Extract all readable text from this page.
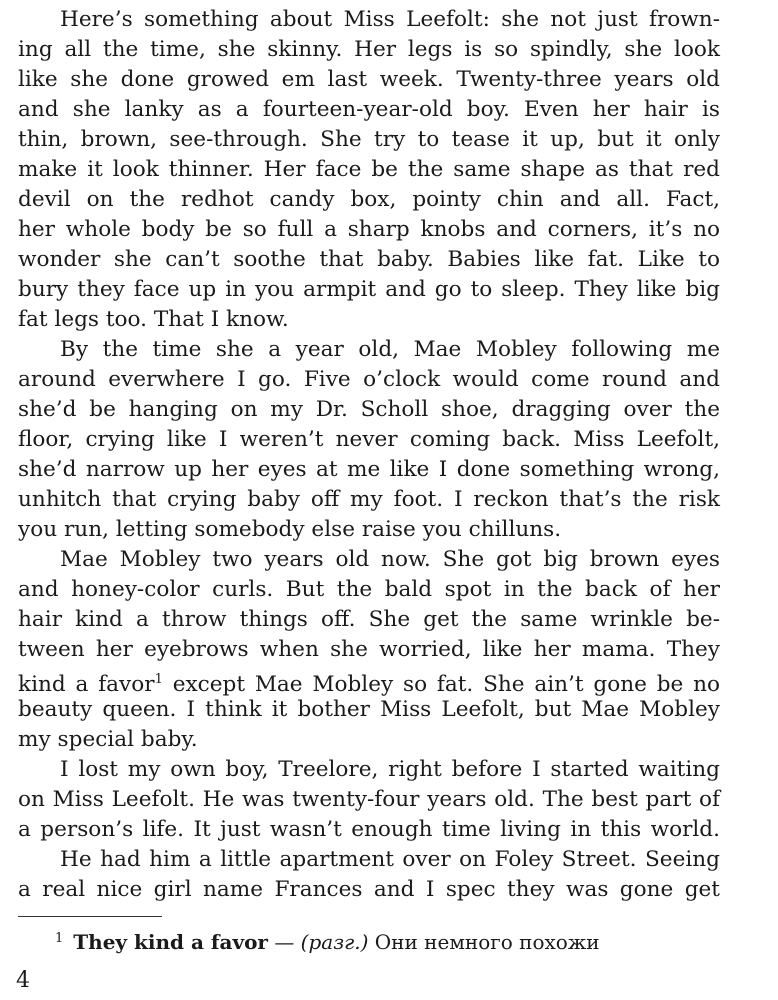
Here’s something about Miss Leefolt: she not just frown-
ing all the time, she skinny. Her legs is so spindly, she look
like she done growed em last week. Twenty-three years old
and she lanky as a fourteen-year-old boy. Even her hair is
thin, brown, see-through. She try to tease it up, but it only
make it look thinner. Her face be the same shape as that red
devil on the redhot candy box, pointy chin and all. Fact,
her whole body be so full a sharp knobs and corners, it’s no
wonder she can’t soothe that baby. Babies like fat. Like to
bury they face up in you armpit and go to sleep. They like big
fat legs too. That I know.
By the time she a year old, Mae Mobley following me
around everwhere I go. Five o’clock would come round and
she’d be hanging on my Dr. Scholl shoe, dragging over the
floor, crying like I weren’t never coming back. Miss Leefolt,
she’d narrow up her eyes at me like I done something wrong,
unhitch that crying baby off my foot. I reckon that’s the risk
you run, letting somebody else raise you chilluns.
Mae Mobley two years old now. She got big brown eyes
and honey-color curls. But the bald spot in the back of her
hair kind a throw things off. She get the same wrinkle be-
tween her eyebrows when she worried, like her mama. They
kind a favor$^1$ except Mae Mobley so fat. She ain’t gone be no
beauty queen. I think it bother Miss Leefolt, but Mae Mobley
my special baby.
I lost my own boy, Treelore, right before I started waiting
on Miss Leefolt. He was twenty-four years old. The best part of
a person’s life. It just wasn’t enough time living in this world.
He had him a little apartment over on Foley Street. Seeing
a real nice girl name Frances and I spec they was gone get
$^1$ They kind a favor — (разг.) Они немного похожи
4
